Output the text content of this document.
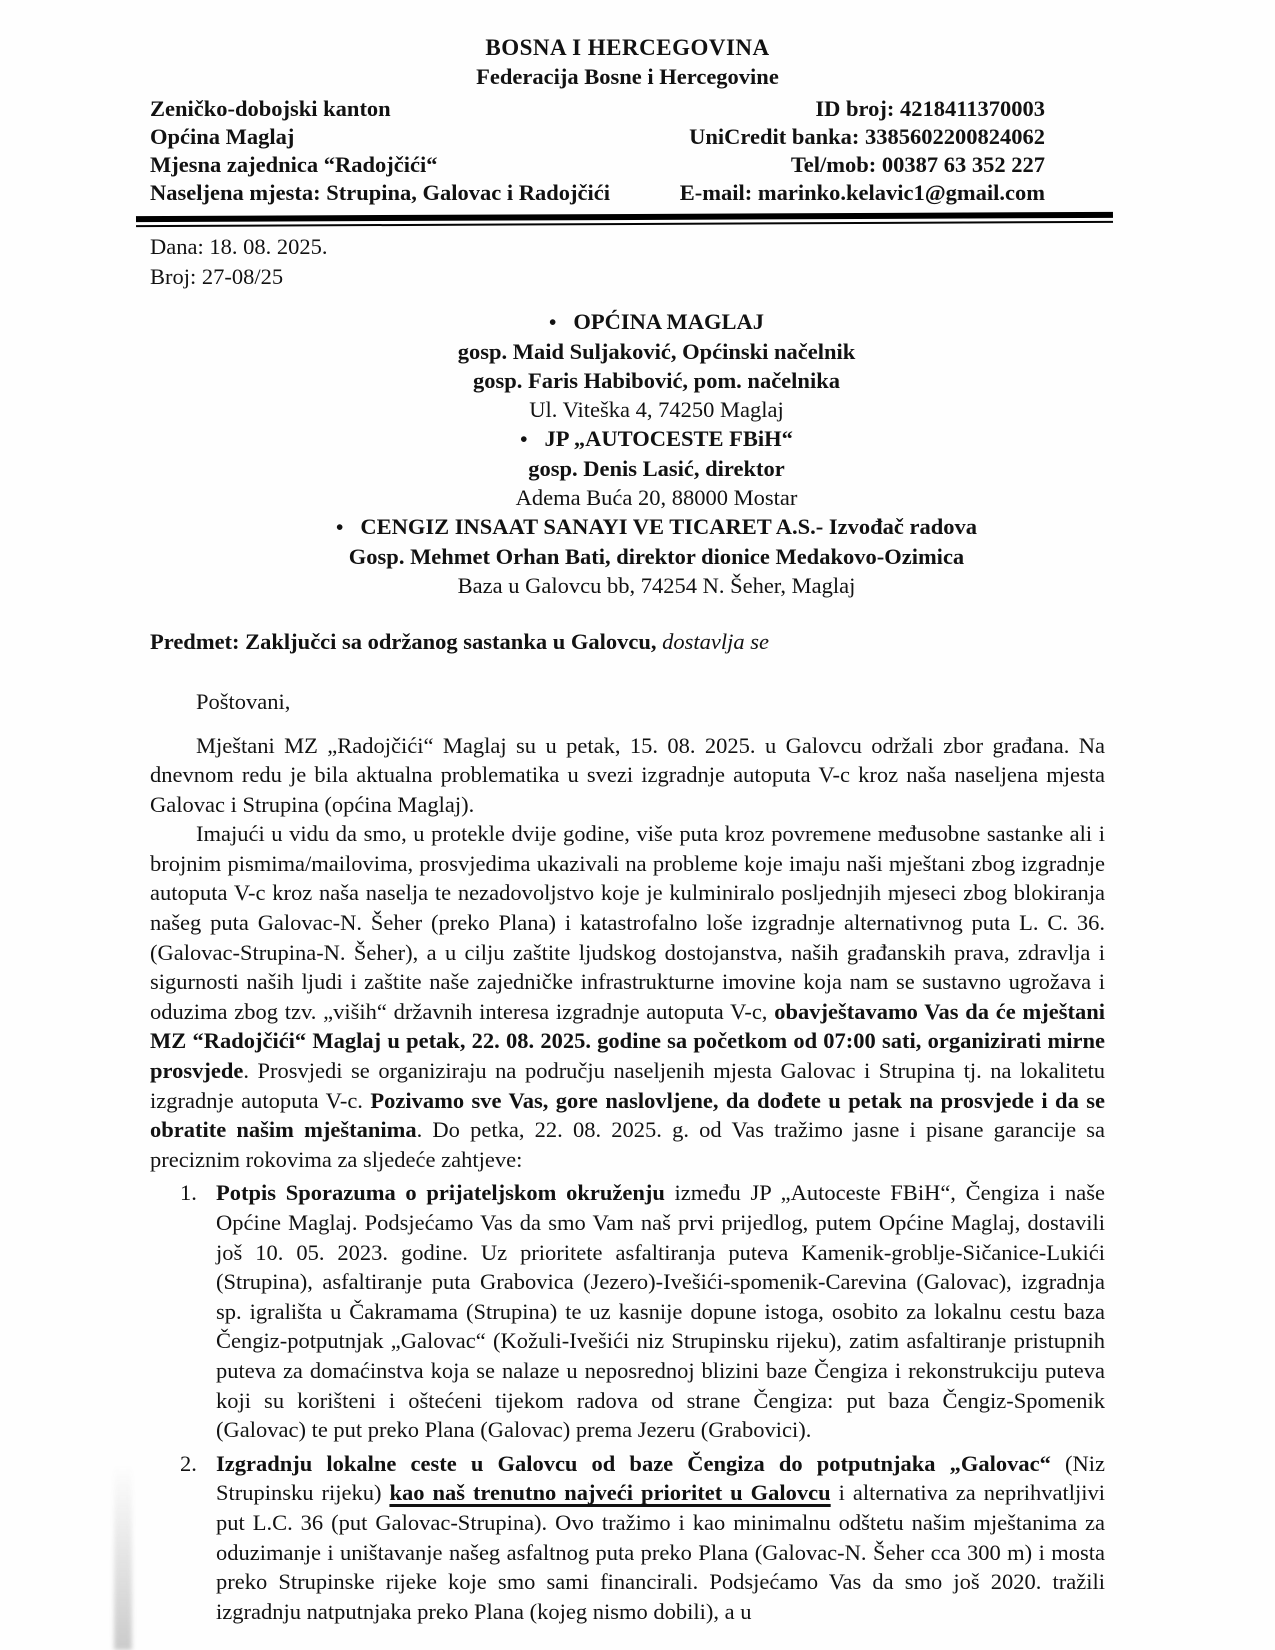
BOSNA I HERCEGOVINA
Federacija Bosne i Hercegovine
Zeničko-dobojski kanton
Općina Maglaj
Mjesna zajednica “Radojčići“
Naseljena mjesta: Strupina, Galovac i Radojčići
ID broj: 4218411370003
UniCredit banka: 3385602200824062
Tel/mob: 00387 63 352 227
E-mail: marinko.kelavic1@gmail.com
Dana: 18. 08. 2025.
Broj: 27-08/25
• OPĆINA MAGLAJ
gosp. Maid Suljaković, Općinski načelnik
gosp. Faris Habibović, pom. načelnika
Ul. Viteška 4, 74250 Maglaj
• JP „AUTOCESTE FBiH“
gosp. Denis Lasić, direktor
Adema Buća 20, 88000 Mostar
• CENGIZ INSAAT SANAYI VE TICARET A.S.- Izvođač radova
Gosp. Mehmet Orhan Bati, direktor dionice Medakovo-Ozimica
Baza u Galovcu bb, 74254 N. Šeher, Maglaj
Predmet: Zaključci sa održanog sastanka u Galovcu, dostavlja se
Poštovani,

Mještani MZ „Radojčići“ Maglaj su u petak, 15. 08. 2025. u Galovcu održali zbor građana. Na dnevnom redu je bila aktualna problematika u svezi izgradnje autoputa V-c kroz naša naseljena mjesta Galovac i Strupina (općina Maglaj).

Imajući u vidu da smo, u protekle dvije godine, više puta kroz povremene međusobne sastanke ali i brojnim pismima/mailovima, prosvjedima ukazivali na probleme koje imaju naši mještani zbog izgradnje autoputa V-c kroz naša naselja te nezadovoljstvo koje je kulminiralo posljednjih mjeseci zbog blokiranja našeg puta Galovac-N. Šeher (preko Plana) i katastrofalno loše izgradnje alternativnog puta L. C. 36. (Galovac-Strupina-N. Šeher), a u cilju zaštite ljudskog dostojanstva, naših građanskih prava, zdravlja i sigurnosti naših ljudi i zaštite naše zajedničke infrastrukturne imovine koja nam se sustavno ugrožava i oduzima zbog tzv. „viših“ državnih interesa izgradnje autoputa V-c, obavještavamo Vas da će mještani MZ “Radojčići“ Maglaj u petak, 22. 08. 2025. godine sa početkom od 07:00 sati, organizirati mirne prosvjede. Prosvjedi se organiziraju na području naseljenih mjesta Galovac i Strupina tj. na lokalitetu izgradnje autoputa V-c. Pozivamo sve Vas, gore naslovljene, da dođete u petak na prosvjede i da se obratite našim mještanima. Do petka, 22. 08. 2025. g. od Vas tražimo jasne i pisane garancije sa preciznim rokovima za sljedeće zahtjeve:

1. Potpis Sporazuma o prijateljskom okruženju između JP „Autoceste FBiH“, Čengiza i naše Općine Maglaj. Podsjećamo Vas da smo Vam naš prvi prijedlog, putem Općine Maglaj, dostavili još 10. 05. 2023. godine. Uz prioritete asfaltiranja puteva Kamenik-groblje-Sičanice-Lukići (Strupina), asfaltiranje puta Grabovica (Jezero)-Ivešići-spomenik-Carevina (Galovac), izgradnja sp. igrališta u Čakramama (Strupina) te uz kasnije dopune istoga, osobito za lokalnu cestu baza Čengiz-potputnjak „Galovac“ (Kožuli-Ivešići niz Strupinsku rijeku), zatim asfaltiranje pristupnih puteva za domaćinstva koja se nalaze u neposrednoj blizini baze Čengiza i rekonstrukciju puteva koji su korišteni i oštećeni tijekom radova od strane Čengiza: put baza Čengiz-Spomenik (Galovac) te put preko Plana (Galovac) prema Jezeru (Grabovici).
2. Izgradnju lokalne ceste u Galovcu od baze Čengiza do potputnjaka „Galovac“ (Niz Strupinsku rijeku) kao naš trenutno najveći prioritet u Galovcu i alternativa za neprihvatljivi put L.C. 36 (put Galovac-Strupina). Ovo tražimo i kao minimalnu odštetu našim mještanima za oduzimanje i uništavanje našeg asfaltnog puta preko Plana (Galovac-N. Šeher cca 300 m) i mosta preko Strupinske rijeke koje smo sami financirali. Podsjećamo Vas da smo još 2020. tražili izgradnju natputnjaka preko Plana (kojeg nismo dobili), a u
